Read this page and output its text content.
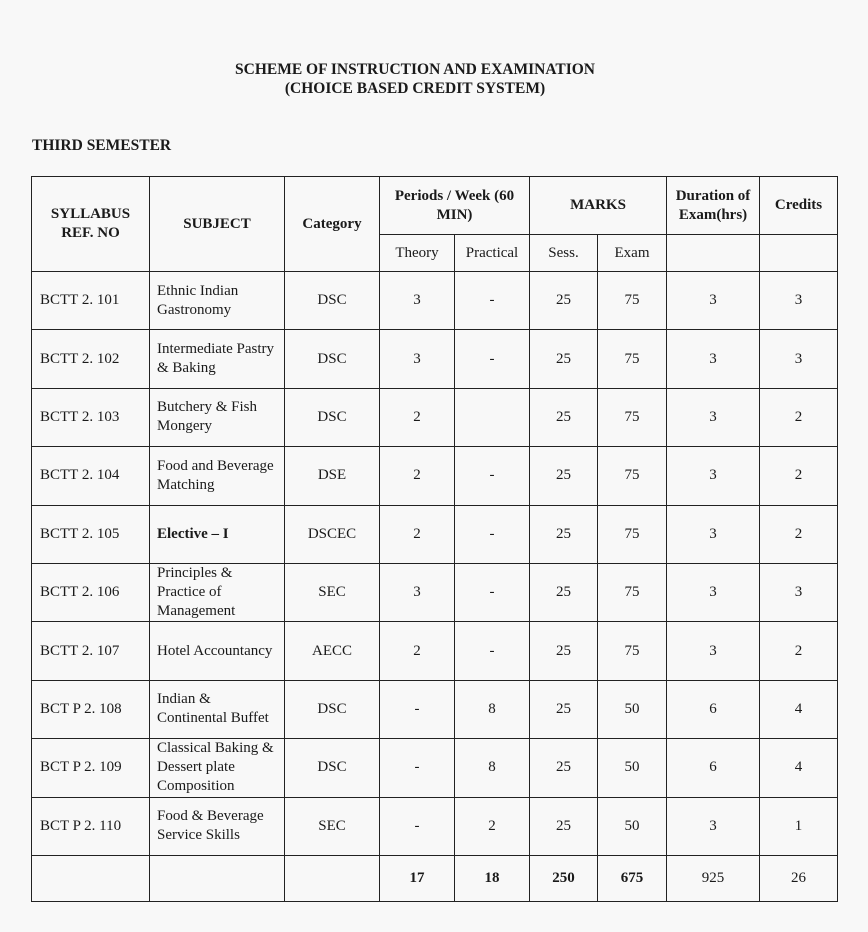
SCHEME OF INSTRUCTION AND EXAMINATION
(CHOICE BASED CREDIT SYSTEM)
THIRD SEMESTER
SYLLABUS REF. NO	SUBJECT	Category	Periods / Week (60 MIN)		MARKS		Duration of Exam(hrs)	Credits
			Theory	Practical	Sess.	Exam		
BCTT 2. 101	Ethnic Indian Gastronomy	DSC	3	-	25	75	3	3
BCTT 2. 102	Intermediate Pastry & Baking	DSC	3	-	25	75	3	3
BCTT 2. 103	Butchery & Fish Mongery	DSC	2		25	75	3	2
BCTT 2. 104	Food and Beverage Matching	DSE	2	-	25	75	3	2
BCTT 2. 105	Elective – I	DSCEC	2	-	25	75	3	2
BCTT 2. 106	Principles & Practice of Management	SEC	3	-	25	75	3	3
BCTT 2. 107	Hotel Accountancy	AECC	2	-	25	75	3	2
BCT P 2. 108	Indian & Continental Buffet	DSC	-	8	25	50	6	4
BCT P 2. 109	Classical Baking & Dessert plate Composition	DSC	-	8	25	50	6	4
BCT P 2. 110	Food & Beverage Service Skills	SEC	-	2	25	50	3	1
			17	18	250	675	925	26
